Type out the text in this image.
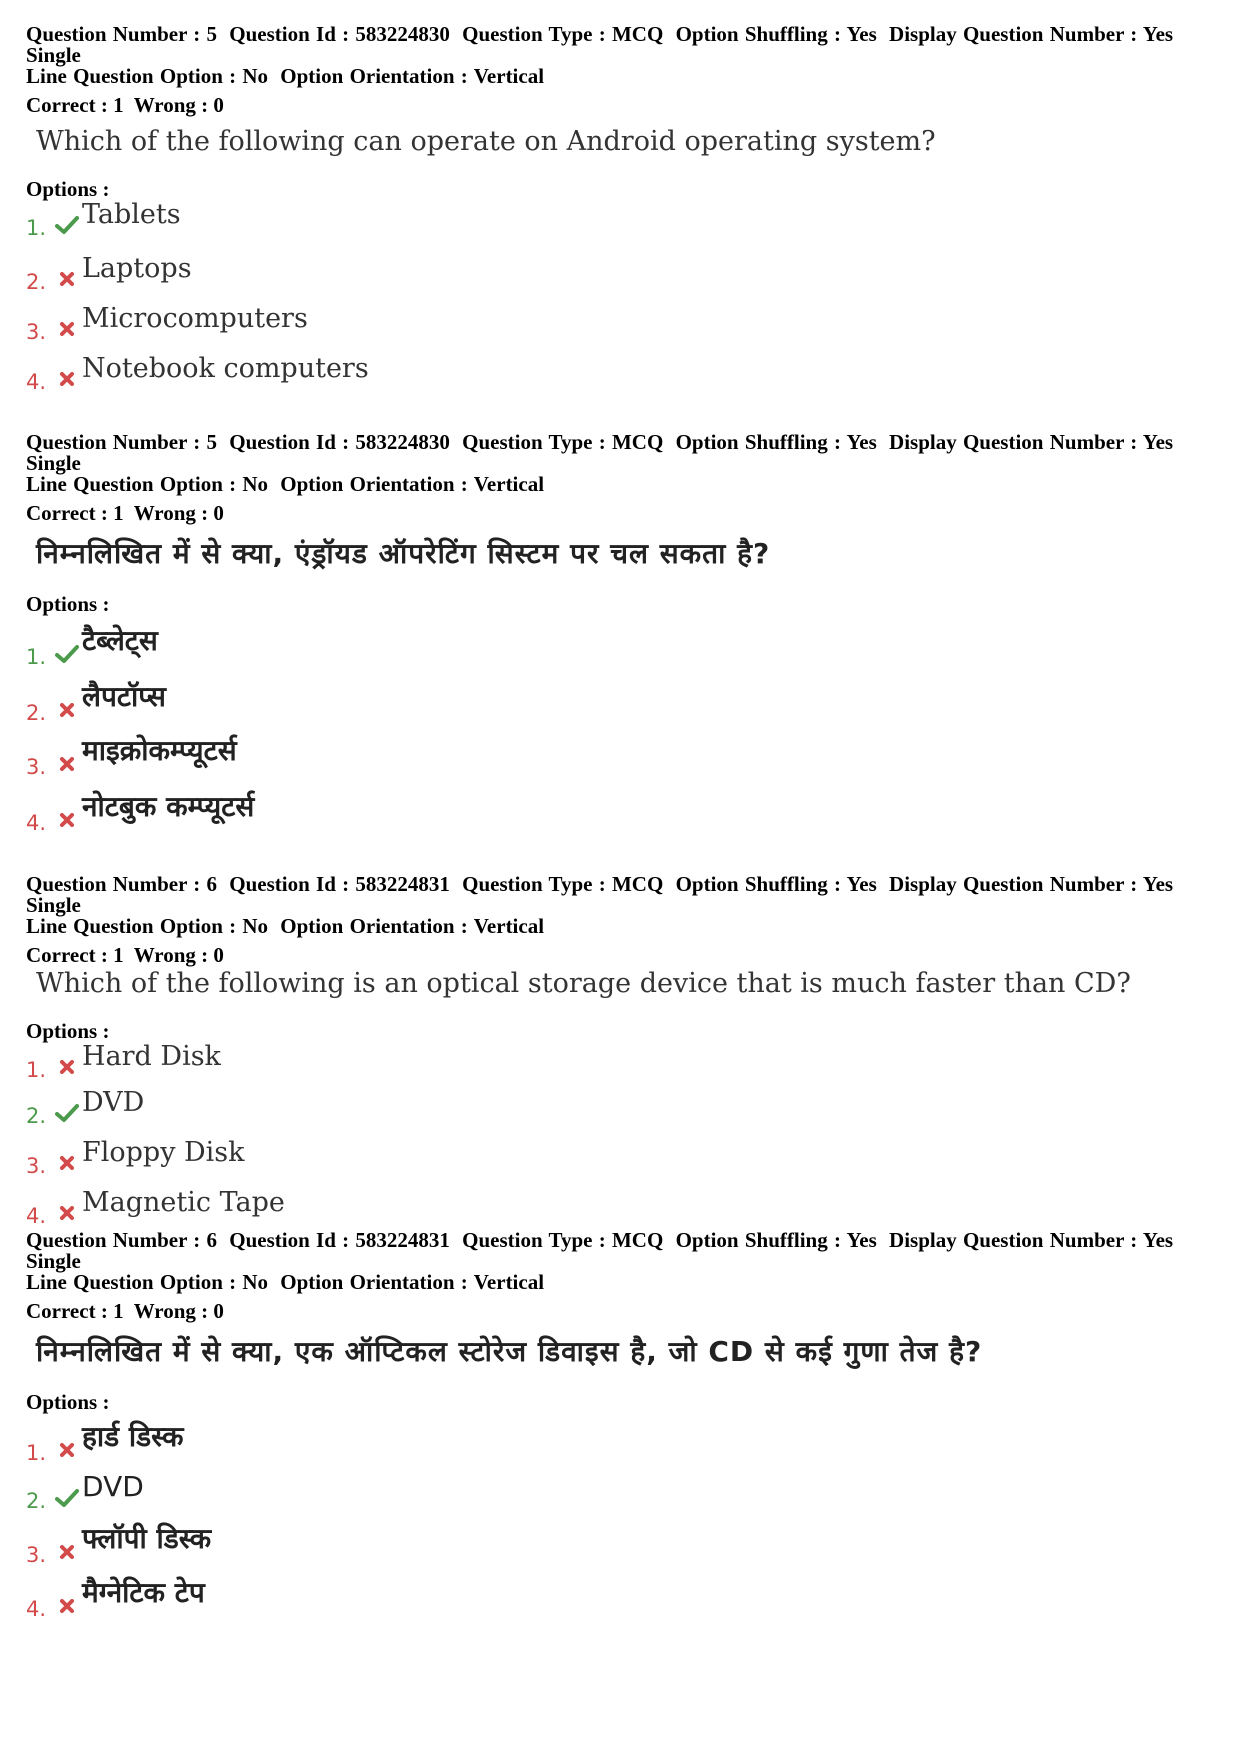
Question Number : 5 Question Id : 583224830 Question Type : MCQ Option Shuffling : Yes Display Question Number : Yes Single
Line Question Option : No Option Orientation : Vertical

Correct : 1 Wrong : 0
Which of the following can operate on Android operating system?
Options :
1. Tablets
2. Laptops
3. Microcomputers
4. Notebook computers

Question Number : 5 Question Id : 583224830 Question Type : MCQ Option Shuffling : Yes Display Question Number : Yes Single
Line Question Option : No Option Orientation : Vertical

Correct : 1 Wrong : 0
निम्नलिखित में से क्या, एंड्रॉयड ऑपरेटिंग सिस्टम पर चल सकता है?
Options :
1. टैब्लेट्स
2. लैपटॉप्स
3. माइक्रोकम्प्यूटर्स
4. नोटबुक कम्प्यूटर्स

Question Number : 6 Question Id : 583224831 Question Type : MCQ Option Shuffling : Yes Display Question Number : Yes Single
Line Question Option : No Option Orientation : Vertical

Correct : 1 Wrong : 0
Which of the following is an optical storage device that is much faster than CD?
Options :
1. Hard Disk
2. DVD
3. Floppy Disk
4. Magnetic Tape

Question Number : 6 Question Id : 583224831 Question Type : MCQ Option Shuffling : Yes Display Question Number : Yes Single
Line Question Option : No Option Orientation : Vertical

Correct : 1 Wrong : 0
निम्नलिखित में से क्या, एक ऑप्टिकल स्टोरेज डिवाइस है, जो CD से कई गुणा तेज है?
Options :
1. हार्ड डिस्क
2. DVD
3. फ्लॉपी डिस्क
4. मैग्नेटिक टेप
